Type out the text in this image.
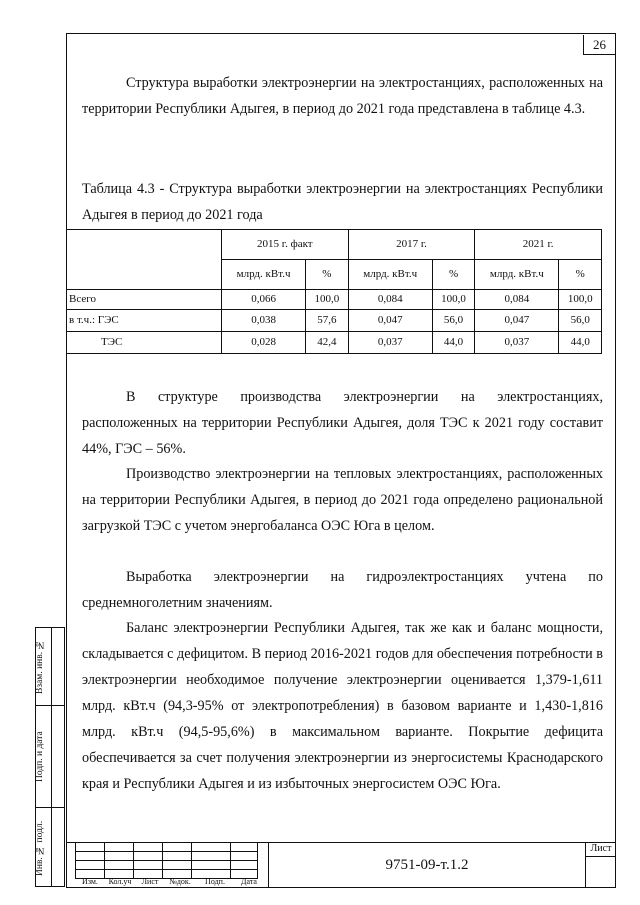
26
Структура выработки электроэнергии на электростанциях, расположенных на территории Республики Адыгея, в период до 2021 года представлена в таблице 4.3.
Таблица 4.3 - Структура выработки электроэнергии на электростанциях Республики Адыгея в период до 2021 года
	2015 г. факт		2017 г.		2021 г.	
	млрд. кВт.ч	%	млрд. кВт.ч	%	млрд. кВт.ч	%
Всего	0,066	100,0	0,084	100,0	0,084	100,0
в т.ч.: ГЭС	0,038	57,6	0,047	56,0	0,047	56,0
ТЭС	0,028	42,4	0,037	44,0	0,037	44,0
В структуре производства электроэнергии на электростанциях, расположенных на территории Республики Адыгея, доля ТЭС к 2021 году составит 44%, ГЭС – 56%.
Производство электроэнергии на тепловых электростанциях, расположенных на территории Республики Адыгея, в период до 2021 года определено рациональной загрузкой ТЭС с учетом энергобаланса ОЭС Юга в целом.
Выработка электроэнергии на гидроэлектростанциях учтена по среднемноголетним значениям.
Баланс электроэнергии Республики Адыгея, так же как и баланс мощности, складывается с дефицитом. В период 2016-2021 годов для обеспечения потребности в электроэнергии необходимое получение электроэнергии оценивается 1,379-1,611 млрд. кВт.ч (94,3-95% от электропотребления) в базовом варианте и 1,430-1,816 млрд. кВт.ч (94,5-95,6%) в максимальном варианте. Покрытие дефицита обеспечивается за счет получения электроэнергии из энергосистемы Краснодарского края и Республики Адыгея и из избыточных энергосистем ОЭС Юга.
Взам. инв. №
Подп. и дата
Инв. № подл.

Изм.	Кол.уч	Лист	№док.	Подп.	Дата
9751-09-т.1.2
Лист
